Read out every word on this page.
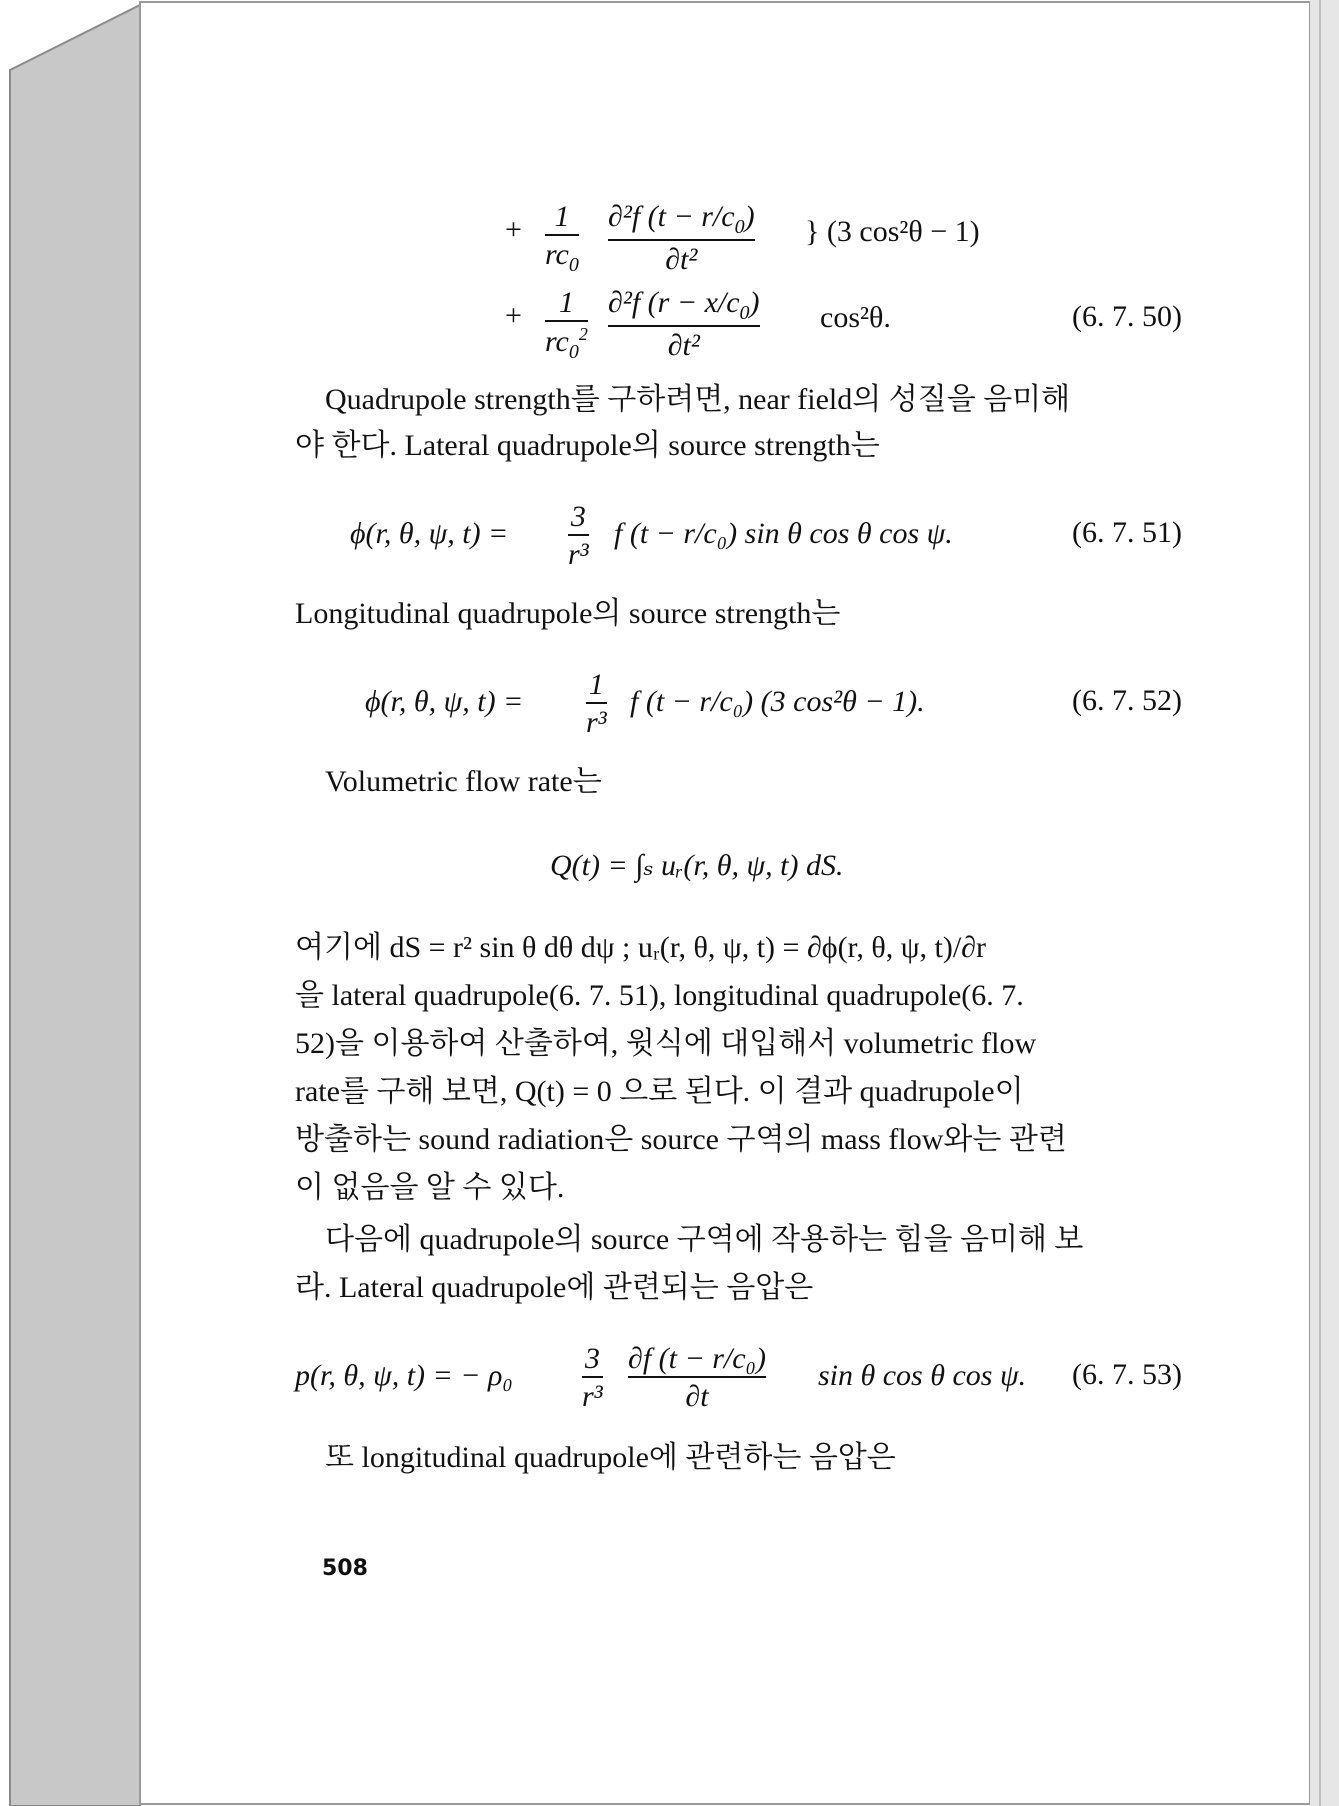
+ $\frac{1}{rc_0} \frac{\partial^2f (t - r/c_0)}{\text{∂t²}}$ } (3 cos²θ − 1)
+ $\frac{1}{rc_0^2} \frac{\partial^2f (r - x/c_0)}{\text{∂t²}} \cos^2\theta$.	(6. 7. 50)
Quadrupole strength를 구하려면, near field의 성질을 음미해
야 한다. Lateral quadrupole의 source strength는
ϕ(r, θ, ψ, $t) = \frac{3}{\text{r³}}$ f (t − r/c₀) sin θ cos θ cos ψ.	(6. 7. 51)
Longitudinal quadrupole의 source strength는
ϕ(r, θ, ψ, $t) = \frac{1}{\text{r³}}$ f (t − r/c₀) (3 cos²θ − 1).	(6. 7. 52)
Volumetric flow rate는
Q(t) = ∫ₛ uᵣ(r, θ, ψ, t) dS.
여기에 dS = r² sin θ dθ dψ ; uᵣ(r, θ, ψ, t) = ∂ϕ(r, θ, ψ, t)/∂r
을 lateral quadrupole(6. 7. 51), longitudinal quadrupole(6. 7.
52)을 이용하여 산출하여, 윗식에 대입해서 volumetric flow
rate를 구해 보면, Q(t) = 0 으로 된다. 이 결과 quadrupole이
방출하는 sound radiation은 source 구역의 mass flow와는 관련
이 없음을 알 수 있다.
다음에 quadrupole의 source 구역에 작용하는 힘을 음미해 보
라. Lateral quadrupole에 관련되는 음압은
p(r, θ, ψ, t) = − $\rho_0 \frac{3}{\text{r³}} \frac{\text{∂f (t − r/c₀)}}{\partial t}$ sin θ cos θ cos ψ. (6. 7. 53)
또 longitudinal quadrupole에 관련하는 음압은
508
